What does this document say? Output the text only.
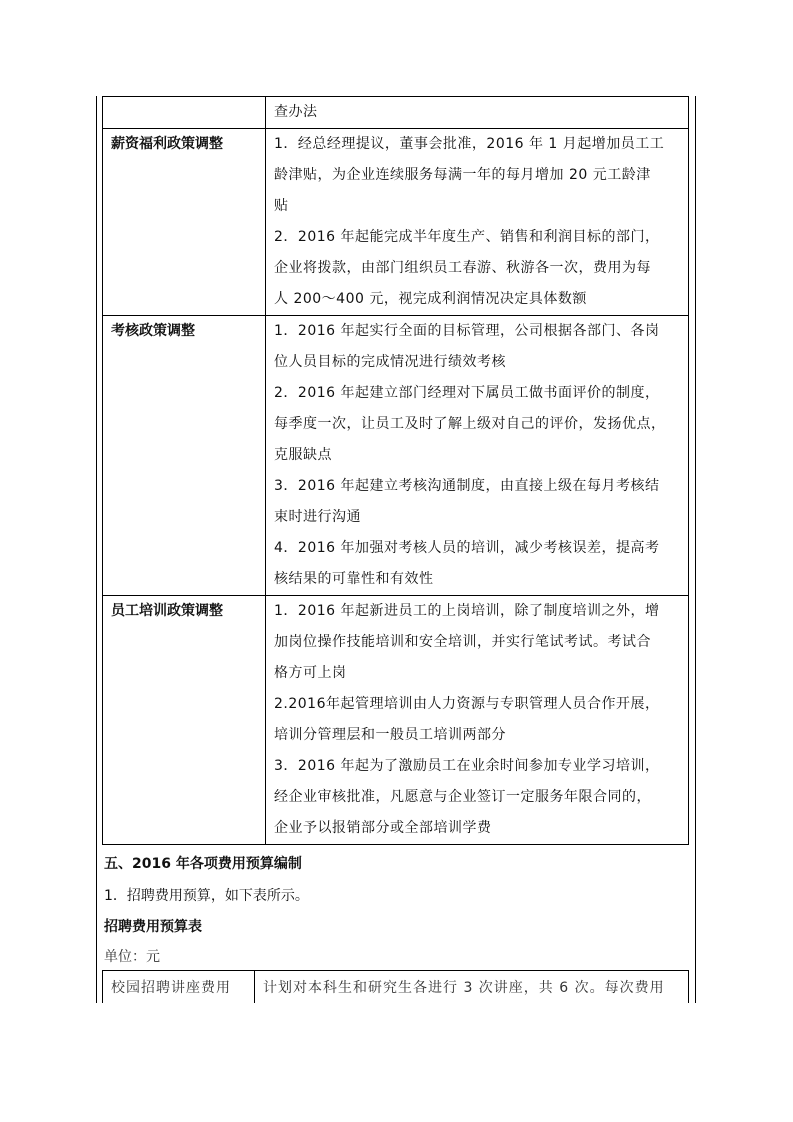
	查办法

薪资福利政策调整	1．经总经理提议，董事会批准，2016 年 1 月起增加员工工
龄津贴，为企业连续服务每满一年的每月增加 20 元工龄津
贴
2．2016 年起能完成半年度生产、销售和利润目标的部门，
企业将拨款，由部门组织员工春游、秋游各一次，费用为每
人 200～400 元，视完成利润情况决定具体数额

考核政策调整	1．2016 年起实行全面的目标管理，公司根据各部门、各岗
位人员目标的完成情况进行绩效考核
2．2016 年起建立部门经理对下属员工做书面评价的制度，
每季度一次，让员工及时了解上级对自己的评价，发扬优点，
克服缺点
3．2016 年起建立考核沟通制度，由直接上级在每月考核结
束时进行沟通
4．2016 年加强对考核人员的培训，减少考核误差，提高考
核结果的可靠性和有效性

员工培训政策调整	1．2016 年起新进员工的上岗培训，除了制度培训之外，增
加岗位操作技能培训和安全培训，并实行笔试考试。考试合
格方可上岗
2.2016年起管理培训由人力资源与专职管理人员合作开展，
培训分管理层和一般员工培训两部分
3．2016 年起为了激励员工在业余时间参加专业学习培训，
经企业审核批准，凡愿意与企业签订一定服务年限合同的，
企业予以报销部分或全部培训学费
五、2016 年各项费用预算编制
1．招聘费用预算，如下表所示。
招聘费用预算表
单位：元
校园招聘讲座费用	计划对本科生和研究生各进行 3 次讲座，共 6 次。每次费用
